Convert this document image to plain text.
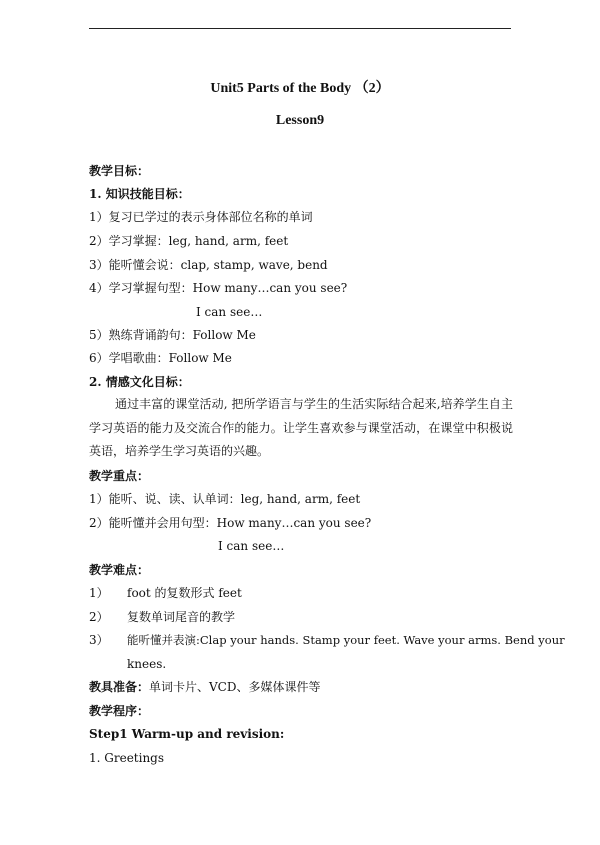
Unit5 Parts of the Body （2）
Lesson9
教学目标：
1. 知识技能目标：
1）复习已学过的表示身体部位名称的单词
2）学习掌握：leg, hand, arm, feet
3）能听懂会说：clap, stamp, wave, bend
4）学习掌握句型：How many…can you see?
I can see…
5）熟练背诵韵句：Follow Me
6）学唱歌曲：Follow Me
2. 情感文化目标：
通过丰富的课堂活动, 把所学语言与学生的生活实际结合起来,培养学生自主学习英语的能力及交流合作的能力。让学生喜欢参与课堂活动，在课堂中积极说英语，培养学生学习英语的兴趣。
教学重点：
1）能听、说、读、认单词：leg, hand, arm, feet
2）能听懂并会用句型：How many…can you see?
I can see…
教学难点：
1） foot 的复数形式 feet
2） 复数单词尾音的教学
3） 能听懂并表演:Clap your hands. Stamp your feet. Wave your arms. Bend your
knees.
教具准备：单词卡片、VCD、多媒体课件等
教学程序：
Step1 Warm-up and revision:
1. Greetings
